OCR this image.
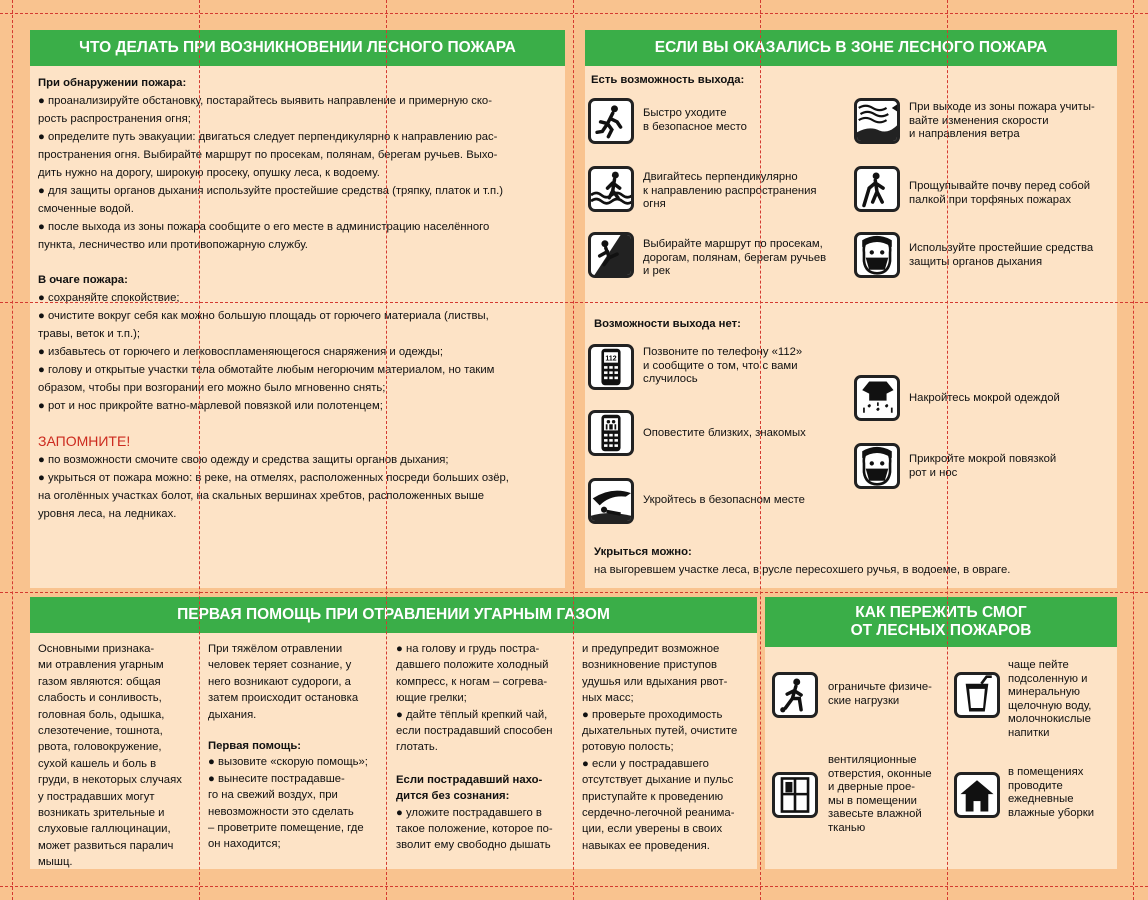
ЧТО ДЕЛАТЬ ПРИ ВОЗНИКНОВЕНИИ ЛЕСНОГО ПОЖАРА

При обнаружении пожара:

● проанализируйте обстановку, постарайтесь выявить направление и примерную ско-

рость распространения огня;

● определите путь эвакуации: двигаться следует перпендикулярно к направлению рас-

пространения огня. Выбирайте маршрут по просекам, полянам, берегам ручьев. Выхо-

дить нужно на дорогу, широкую просеку, опушку леса, к водоему.

● для защиты органов дыхания используйте простейшие средства (тряпку, платок и т.п.)

смоченные водой.

● после выхода из зоны пожара сообщите о его месте в администрацию населённого

пункта, лесничество или противопожарную службу.

В очаге пожара:

● сохраняйте спокойствие;

● очистите вокруг себя как можно большую площадь от горючего материала (листвы,

травы, веток и т.п.);

● избавьтесь от горючего и легковоспламеняющегося снаряжения и одежды;

● голову и открытые участки тела обмотайте любым негорючим материалом, но таким

образом, чтобы при возгорании его можно было мгновенно снять;

● рот и нос прикройте ватно-марлевой повязкой или полотенцем;

ЗАПОМНИТЕ!

● по возможности смочите свою одежду и средства защиты органов дыхания;

● укрыться от пожара можно: в реке, на отмелях, расположенных посреди больших озёр,

на оголённых участках болот, на скальных вершинах хребтов, расположенных выше

уровня леса, на ледниках.

ЕСЛИ ВЫ ОКАЗАЛИСЬ В ЗОНЕ ЛЕСНОГО ПОЖАРА
Есть возможность выхода:
Возможности выхода нет:
Укрыться можно:
на выгоревшем участке леса, в русле пересохшего ручья, в водоеме, в овраге.
Быстро уходите
в безопасное место
Двигайтесь перпендикулярно
к направлению распространения
огня
Выбирайте маршрут по просекам,
дорогам, полянам, берегам ручьев
и рек
При выходе из зоны пожара учиты-
вайте изменения скорости
и направления ветра
Прощупывайте почву перед собой
палкой при торфяных пожарах
Используйте простейшие средства
защиты органов дыхания
112
Позвоните по телефону «112»
и сообщите о том, что с вами
случилось
Оповестите близких, знакомых
Укройтесь в безопасном месте
Накройтесь мокрой одеждой
Прикройте мокрой повязкой
рот и нос
ПЕРВАЯ ПОМОЩЬ ПРИ ОТРАВЛЕНИИ УГАРНЫМ ГАЗОМ

Основными признака-

ми отравления угарным

газом являются: общая

слабость и сонливость,

головная боль, одышка,

слезотечение, тошнота,

рвота, головокружение,

сухой кашель и боль в

груди, в некоторых случаях

у пострадавших могут

возникать зрительные и

слуховые галлюцинации,

может развиться паралич

мышц.

При тяжёлом отравлении

человек теряет сознание, у

него возникают судороги, а

затем происходит остановка

дыхания.

Первая помощь:

● вызовите «скорую помощь»;

● вынесите пострадавше-

го на свежий воздух, при

невозможности это сделать

– проветрите помещение, где

он находится;

● на голову и грудь постра-

давшего положите холодный

компресс, к ногам – согрева-

ющие грелки;

● дайте тёплый крепкий чай,

если пострадавший способен

глотать.

Если пострадавший нахо-

дится без сознания:

● уложите пострадавшего в

такое положение, которое по-

зволит ему свободно дышать

и предупредит возможное

возникновение приступов

удушья или вдыхания рвот-

ных масс;

● проверьте проходимость

дыхательных путей, очистите

ротовую полость;

● если у пострадавшего

отсутствует дыхание и пульс

приступайте к проведению

сердечно-легочной реанима-

ции, если уверены в своих

навыках ее проведения.

КАК ПЕРЕЖИТЬ СМОГ
ОТ ЛЕСНЫХ ПОЖАРОВ
ограничьте физиче-
ские нагрузки
чаще пейте
подсоленную и
минеральную
щелочную воду,
молочнокислые
напитки
вентиляционные
отверстия, оконные
и дверные прое-
мы в помещении
завесьте влажной
тканью
в помещениях
проводите
ежедневные
влажные уборки
